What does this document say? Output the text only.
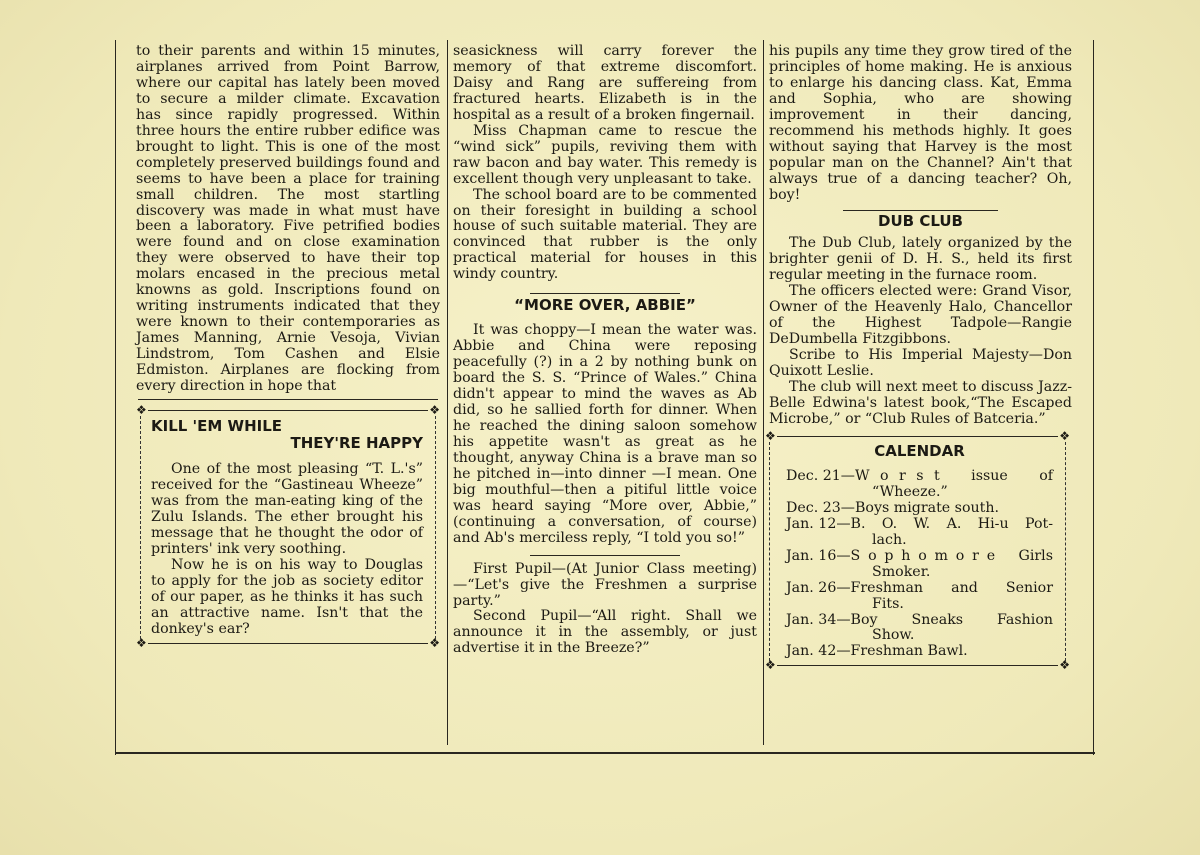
to their parents and within 15 minutes, airplanes arrived from Point Barrow, where our capital has lately been moved to secure a milder climate. Excavation has since rapidly progressed. Within three hours the entire rubber edifice was brought to light. This is one of the most completely preserved buildings found and seems to have been a place for training small children. The most startling discovery was made in what must have been a laboratory. Five petrified bodies were found and on close examination they were observed to have their top molars encased in the precious metal knowns as gold. Inscriptions found on writing instruments indicated that they were known to their contemporaries as James Manning, Arnie Vesoja, Vivian Lindstrom, Tom Cashen and Elsie Edmiston. Airplanes are flocking from every direction in hope that

❖	❖
KILL 'EM WHILE
THEY'RE HAPPY

One of the most pleasing “T. L.'s” received for the “Gastineau Wheeze” was from the man-eating king of the Zulu Islands. The ether brought his message that he thought the odor of printers' ink very soothing.

Now he is on his way to Douglas to apply for the job as society editor of our paper, as he thinks it has such an attractive name. Isn't that the donkey's ear?

❖	❖

seasickness will carry forever the memory of that extreme discomfort. Daisy and Rang are suffereing from fractured hearts. Elizabeth is in the hospital as a result of a broken fingernail.

Miss Chapman came to rescue the “wind sick” pupils, reviving them with raw bacon and bay water. This remedy is excellent though very unpleasant to take.

The school board are to be commented on their foresight in building a school house of such suitable material. They are convinced that rubber is the only practical material for houses in this windy country.

“MORE OVER, ABBIE”

It was choppy—I mean the water was. Abbie and China were reposing peacefully (?) in a 2 by nothing bunk on board the S. S. “Prince of Wales.” China didn't appear to mind the waves as Ab did, so he sallied forth for dinner. When he reached the dining saloon somehow his appetite wasn't as great as he thought, anyway China is a brave man so he pitched in—into dinner —I mean. One big mouthful—then a pitiful little voice was heard saying “More over, Abbie,” (continuing a conversation, of course) and Ab's merciless reply, “I told you so!”

First Pupil—(At Junior Class meeting)—“Let's give the Freshmen a surprise party.”

Second Pupil—“All right. Shall we announce it in the assembly, or just advertise it in the Breeze?”

his pupils any time they grow tired of the principles of home making. He is anxious to enlarge his dancing class. Kat, Emma and Sophia, who are showing improvement in their dancing, recommend his methods highly. It goes without saying that Harvey is the most popular man on the Channel? Ain't that always true of a dancing teacher? Oh, boy!

DUB CLUB

The Dub Club, lately organized by the brighter genii of D. H. S., held its first regular meeting in the furnace room.

The officers elected were: Grand Visor, Owner of the Heavenly Halo, Chancellor of the Highest Tadpole—Rangie DeDumbella Fitzgibbons.

Scribe to His Imperial Majesty—Don Quixott Leslie.

The club will next meet to discuss Jazz-Belle Edwina's latest book,“The Escaped Microbe,” or “Club Rules of Batceria.”

❖	❖
CALENDAR
Dec. 21— W o r s t   issue   of
“Wheeze.”
Dec. 23— Boys migrate south.
Jan. 12— B. O. W. A. Hi-u Pot-
lach.
Jan. 16— S o p h o m o r e   Girls
Smoker.
Jan. 26— Freshman   and   Senior
Fits.
Jan. 34— Boy   Sneaks   Fashion
Show.
Jan. 42— Freshman Bawl.
❖	❖
